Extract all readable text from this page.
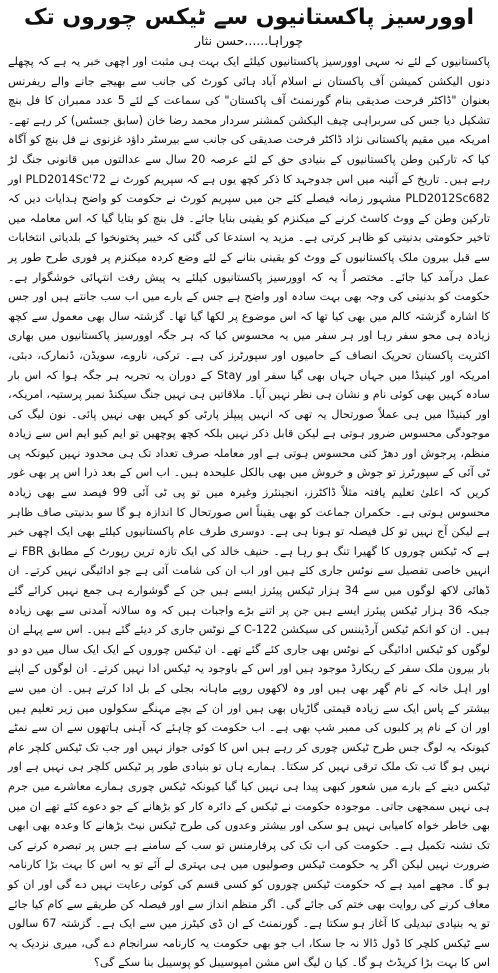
اوورسیز پاکستانیوں سے ٹیکس چوروں تک
چوراہا......حسن نثار

پاکستانیوں کے لئے نہ سہی اوورسیز پاکستانیوں کیلئے ایک بہت ہی مثبت اور اچھی خبر یہ ہے کہ پچھلے دنوں الیکشن کمیشن آف پاکستان نے اسلام آباد ہائی کورٹ کی جانب سے بھیجے جانے والے ریفرنس بعنوان "ڈاکٹر فرحت صدیقی بنام گورنمنٹ آف پاکستان" کی سماعت کے لئے 5 عدد ممبران کا فل بنچ تشکیل دیا جس کی سربراہی چیف الیکشن کمشنر سردار محمد رضا خان (سابق جسٹس) کر رہے تھے۔ امریکہ میں مقیم پاکستانی نژاد ڈاکٹر فرحت صدیقی کی جانب سے بیرسٹر داؤد غزنوی نے فل بنچ کو آگاہ کیا کہ تارکین وطن پاکستانیوں کے بنیادی حق کے لئے عرصہ 20 سال سے عدالتوں میں قانونی جنگ لڑ رہے ہیں۔ تاریخ کے آئینہ میں اس جدوجہد کا ذکر کچھ یوں ہے کہ سپریم کورٹ نے PLD2014Sc'72 اور PLD2012Sc682 مشہور زمانہ فیصلے کئے جن میں سپریم کورٹ نے حکومت کو واضح ہدایات دیں کہ تارکین وطن کے ووٹ کاسٹ کرنے کے میکنزم کو یقینی بنایا جائے۔ فل بنچ کو بتایا گیا کہ اس معاملہ میں تاخیر حکومتی بدنیتی کو ظاہر کرتی ہے۔ مزید یہ استدعا کی گئی کہ خیبر پختونخوا کے بلدیاتی انتخابات سے قبل بیرون ملک پاکستانیوں کے ووٹ کو یقینی بنانے کے لئے وضع کردہ میکنزم پر فوری طرح طور پر عمل درآمد کیا جائے۔ مختصر اً یہ کہ اوورسیز پاکستانیوں کیلئے یہ پیش رفت انتہائی خوشگوار ہے۔ حکومت کو بدنیتی کی وجہ بھی بہت سادہ اور واضح ہے جس کے بارے میں اب سب جانتے ہیں اور جس کا اشارہ گزشتہ کالم میں بھی کیا تھا کہ اس موضوع پر لکھا گیا تھا۔ گزشتہ سال بھی معمول سے کچھ زیادہ ہی محو سفر رہا اور ہر سفر میں یہ محسوس کیا کہ ہر جگہ اوورسیز پاکستانیوں میں بھاری اکثریت پاکستان تحریک انصاف کے حامیوں اور سپورٹرز کی ہے۔ ترکی، ناروے، سویڈن، ڈنمارک، دبئی، امریکہ اور کینیڈا میں جہاں جہاں بھی گیا سفر اور Stay کے دوران یہ تجربہ ہر جگہ ہوا کہ اس بار سادہ کہیں بھی کوئی نام و نشان ہی نظر نہیں آیا۔ ملاقاتیں ہی نہیں جنگ سیکنڈ نمبر پرستیہ، امریکہ، اور کینیڈا میں ہی عملاً صورتحال یہ تھی کہ انہیں پیپلز پارٹی کو کہیں بھی نہیں پائی۔ نون لیگ کی موجودگی محسوس ضرور ہوتی ہے لیکن قابل ذکر نہیں بلکہ کچھ پوچھیں تو ایم کیو ایم اس سے زیادہ منظم، پرجوش اور دھڑ کتی محسوس ہوتی ہے اور معاملہ صرف تعداد تک ہی محدود نہیں کیونکہ پی ٹی آئی کے سپورٹرز تو جوش و خروش میں بھی بالکل علیحدہ ہیں۔ اب اس کے بعد ذرا اس پر بھی غور کریں کہ اعلیٰ تعلیم یافتہ مثلاً ڈاکٹرز، انجینئرز وغیرہ میں تو پی ٹی آئی 99 فیصد سے بھی زیادہ محسوس ہوتی ہے۔ حکمران جماعت کو بھی یقیناً اس صورتحال کا اندازہ ہو گا سو بدنیتی صاف ظاہر ہے لیکن آج نہیں تو کل فیصلہ تو ہونا ہی ہے۔ دوسری طرف عام پاکستانیوں کیلئے بھی ایک اچھی خبر ہے کہ ٹیکس چوروں کا گھیرا تنگ ہو رہا ہے۔ حنیف خالد کی ایک تازہ ترین رپورٹ کے مطابق FBR نے انہیں خاصی تفصیل سے نوٹس جاری کئے ہیں اور اب ان کی شامت آئی ہے جو ادائیگی نہیں کرتے۔ ان ڈھائی لاکھ لوگوں میں سے 34 ہزار ٹیکس پیئرز ایسے ہیں جن کے گوشوارے ہی جمع نہیں کرائے گئے جبکہ 36 ہزار ٹیکس پیئرز ایسے ہیں جن پر اتنے بڑے واجبات ہیں کہ وہ سالانہ آمدنی سے بھی زیادہ ہیں۔ ان کو انکم ٹیکس آرڈیننس کی سیکشن C-122 کے نوٹس جاری کر دیئے گئے ہیں۔ اس سے پہلے ان لوگوں کو ٹیکس ادائیگی کے نوٹس بھی جاری کئے گئے تھے۔ ان ٹیکس چوروں کے ایک ایک سال میں دو دو بار بیرون ملک سفر کے ریکارڈ موجود ہیں اور اس کے باوجود یہ ٹیکس ادا نہیں کرتے۔ ان لوگوں کے اپنے اور اہل خانہ کے نام گھر بھی ہیں اور وہ لاکھوں روپے ماہانہ بجلی کے بل ادا کرتے ہیں۔ ان میں سے بیشتر کے پاس ایک سے زیادہ قیمتی گاڑیاں بھی ہیں اور ان کے بچے مہنگے سکولوں میں زیر تعلیم ہیں اور ان کے نام پر کلبوں کی ممبر شپ بھی ہے۔ اب حکومت کو چاہئے کہ آہنی ہاتھوں سے ان سے نمٹے کیونکہ یہ لوگ جس طرح ٹیکس چوری کر رہے ہیں اس کا کوئی جواز نہیں اور جب تک ٹیکس کلچر عام نہیں ہو گا تب تک ملک ترقی نہیں کر سکتا۔ ہمارے ہاں تو بنیادی طور پر ٹیکس کلچر ہی نہیں ہے اور ٹیکس دینے کے بارے میں شعور کبھی پیدا ہی نہیں کیا گیا کیونکہ ٹیکس چوری ہمارے معاشرے میں جرم ہی نہیں سمجھی جاتی۔ موجودہ حکومت نے ٹیکس کے دائرہ کار کو بڑھانے کے جو دعوے کئے تھے ان میں بھی خاطر خواہ کامیابی نہیں ہو سکی اور بیشتر وعدوں کی طرح ٹیکس نیٹ بڑھانے کا وعدہ بھی ابھی تک تشنہ تکمیل ہے۔ حکومت کی اب تک کی پرفارمنس تو سب کے سامنے ہے جس پر تبصرہ کرنے کی ضرورت نہیں لیکن اگر یہ حکومت ٹیکس وصولیوں میں ہی بہتری لے آئے تو یہ اس کا بہت بڑا کارنامہ ہو گا۔ مجھے امید ہے کہ حکومت ٹیکس چوروں کو کسی قسم کی کوئی رعایت نہیں دے گی اور ان کو معاف کرنے کی روایت بھی ختم کی جائے گی۔ اگر منظم انداز سے اور فیصلہ کن طریقے سے کام کیا جائے تو یہ بنیادی تبدیلی کا آغاز ہو سکتا ہے۔ گورنمنٹ کے ان ڈی کیٹرز میں سے ایک ہے۔ گزشتہ 67 سالوں سے ٹیکس کلچر کا ڈول ڈالا نہ جا سکا، اب جو بھی حکومت یہ کارنامہ سرانجام دے گی، میری نزدیک یہ اس کا بہت بڑا کریڈٹ ہو گا۔ کیا ن لیگ اس مشن امپوسیبل کو پوسیبل بنا سکے گی؟
